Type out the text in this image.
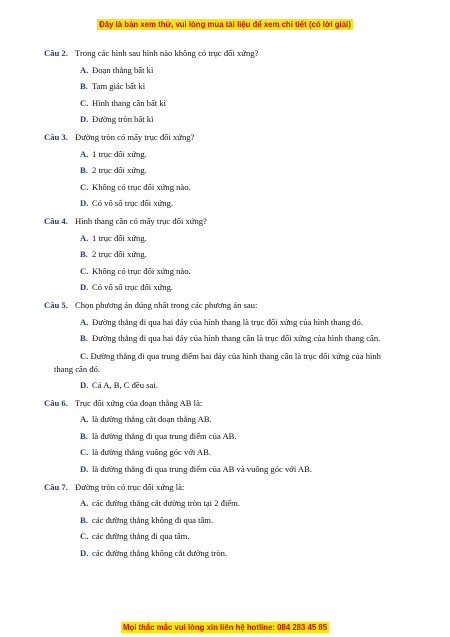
Đây là bản xem thử, vui lòng mua tài liệu để xem chi tiết (có lời giải)
Câu 2. Trong các hình sau hình nào không có trục đối xứng?
A. Đoạn thẳng bất kì
B. Tam giác bất kì
C. Hình thang cân bất kì
D. Đường tròn bất kì
Câu 3. Đường tròn có mấy trục đối xứng?
A. 1 trục đối xứng.
B. 2 trục đối xứng.
C. Không có trục đối xứng nào.
D. Có vô số trục đối xứng.
Câu 4. Hình thang cân có mấy trục đối xứng?
A. 1 trục đối xứng.
B. 2 trục đối xứng.
C. Không có trục đối xứng nào.
D. Có vô số trục đối xứng.
Câu 5. Chọn phương án đúng nhất trong các phương án sau:
A. Đường thẳng đi qua hai đáy của hình thang là trục đối xứng của hình thang đó.
B. Đường thẳng đi qua hai đáy của hình thang cân là trục đối xứng của hình thang cân.
C. Đường thẳng đi qua trung điểm hai đáy của hình thang cân là trục đối xứng của hình thang cân đó.
D. Cả A, B, C đều sai.
Câu 6. Trục đối xứng của đoạn thẳng AB là:
A. là đường thẳng cắt đoạn thẳng AB.
B. là đường thẳng đi qua trung điểm của AB.
C. là đường thẳng vuông góc với AB.
D. là đường thẳng đi qua trung điểm của AB và vuông góc với AB.
Câu 7. Đường tròn có trục đối xứng là:
A. các đường thẳng cắt đường tròn tại 2 điểm.
B. các đường thẳng không đi qua tâm.
C. các đường thẳng đi qua tâm.
D. các đường thẳng không cắt đường tròn.
Mọi thắc mắc vui lòng xin liên hệ hotline: 084 283 45 85
